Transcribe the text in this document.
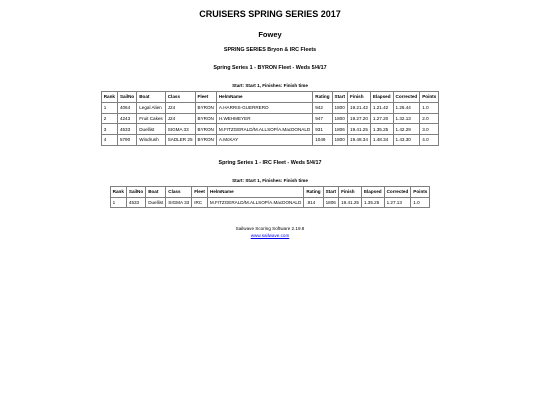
CRUISERS SPRING SERIES 2017
Fowey
SPRING SERIES Bryon & IRC Fleets
Spring Series 1 - BYRON Fleet - Weds 5/4/17
Start: Start 1, Finishes: Finish time
Rank	SailNo	Boat	Class	Fleet	HelmName	Rating	Start	Finish	Elapsed	Corrected	Points
1	4064	Legal Alien	J24	BYRON	A.HARRIS-GUERRERO	942	1800	19.21.42	1.21.42	1.26.44	1.0
2	4243	Fruit Cakes	J24	BYRON	H.WEHMEYER	947	1800	19.27.20	1.27.20	1.32.13	2.0
3	4533	Duellist	SIGMA 33	BYRON	M.FITZGERALD/M.ALLSOP/A.MacDONALD	931	1806	19.41.25	1.35.25	1.42.29	3.0
4	5790	Windrush	SADLER 25	BYRON	A.McKAY	1049	1800	19.48.34	1.48.34	1.43.30	4.0
Spring Series 1 - IRC Fleet - Weds 5/4/17
Start: Start 1, Finishes: Finish time
Rank	SailNo	Boat	Class	Fleet	HelmName	Rating	Start	Finish	Elapsed	Corrected	Points
1	4533	Duellist	SIGMA 33	IRC	M.FITZGERALD/M.ALLSOP/A.MacDONALD	.914	1806	19.41.25	1.35.25	1.27.13	1.0
Sailwave Scoring Software 2.19.8
www.sailwave.com
